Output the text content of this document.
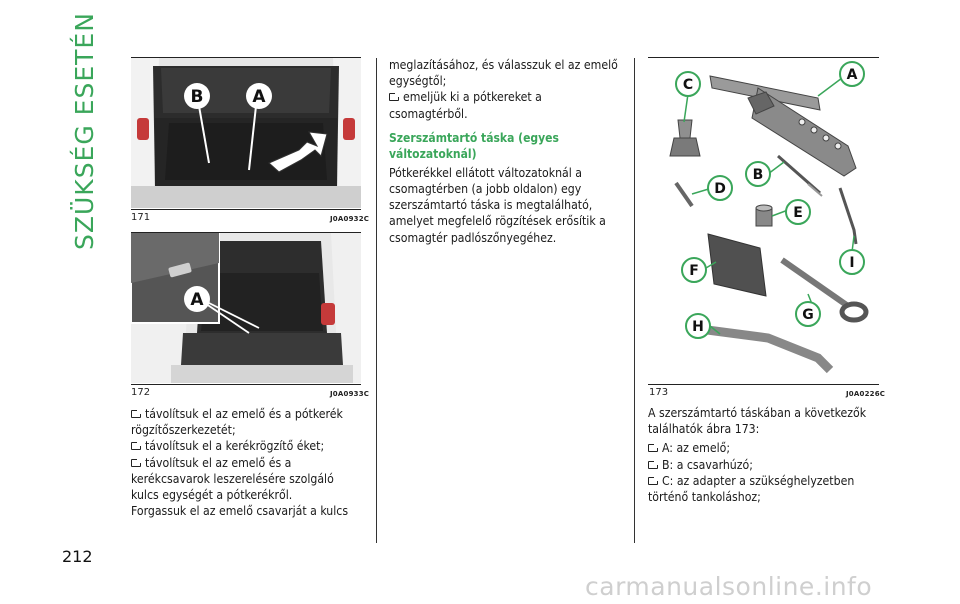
SZÜKSÉG ESETÉN
212
B	A
171	J0A0932C
A
172	J0A0933C

távolítsuk el az emelő és a pótkerék

rögzítőszerkezetét;

távolítsuk el a kerékrögzítő éket;

távolítsuk el az emelő és a

kerékcsavarok leszerelésére szolgáló

kulcs egységét a pótkerékről.

Forgassuk el az emelő csavarját a kulcs

meglazításához, és válasszuk el az emelő

egységtől;

emeljük ki a pótkereket a

csomagtérből.

Szerszámtartó táska (egyes változatoknál)

Pótkerékkel ellátott változatoknál a

csomagtérben (a jobb oldalon) egy

szerszámtartó táska is megtalálható,

amelyet megfelelő rögzítések erősítik a

csomagtér padlószőnyegéhez.

C
A
B
D
E
I
F
G
H
173	J0A0226C

A szerszámtartó táskában a következők

találhatók ábra 173:

A: az emelő;

B: a csavarhúzó;

C: az adapter a szükséghelyzetben

történő tankoláshoz;

carmanualsonline.info
